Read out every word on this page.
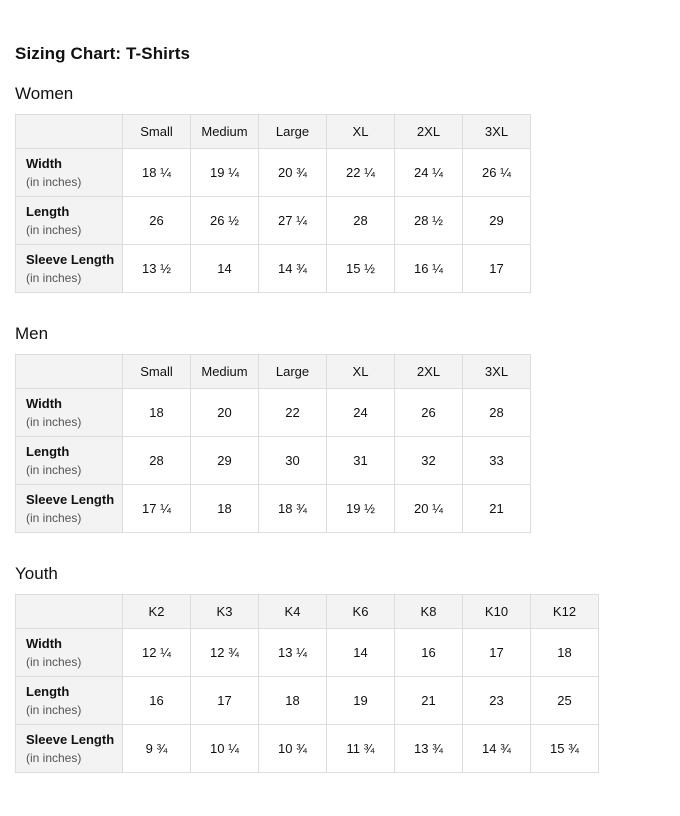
Sizing Chart: T-Shirts
Women
	Small	Medium	Large	XL	2XL	3XL

Width
(in inches)	18 ¼	19 ¼	20 ¾	22 ¼	24 ¼	26 ¼

Length
(in inches)	26	26 ½	27 ¼	28	28 ½	29

Sleeve Length
(in inches)	13 ½	14	14 ¾	15 ½	16 ¼	17
Men
	Small	Medium	Large	XL	2XL	3XL

Width
(in inches)	18	20	22	24	26	28

Length
(in inches)	28	29	30	31	32	33

Sleeve Length
(in inches)	17 ¼	18	18 ¾	19 ½	20 ¼	21
Youth
	K2	K3	K4	K6	K8	K10	K12

Width
(in inches)	12 ¼	12 ¾	13 ¼	14	16	17	18

Length
(in inches)	16	17	18	19	21	23	25

Sleeve Length
(in inches)	9 ¾	10 ¼	10 ¾	11 ¾	13 ¾	14 ¾	15 ¾
